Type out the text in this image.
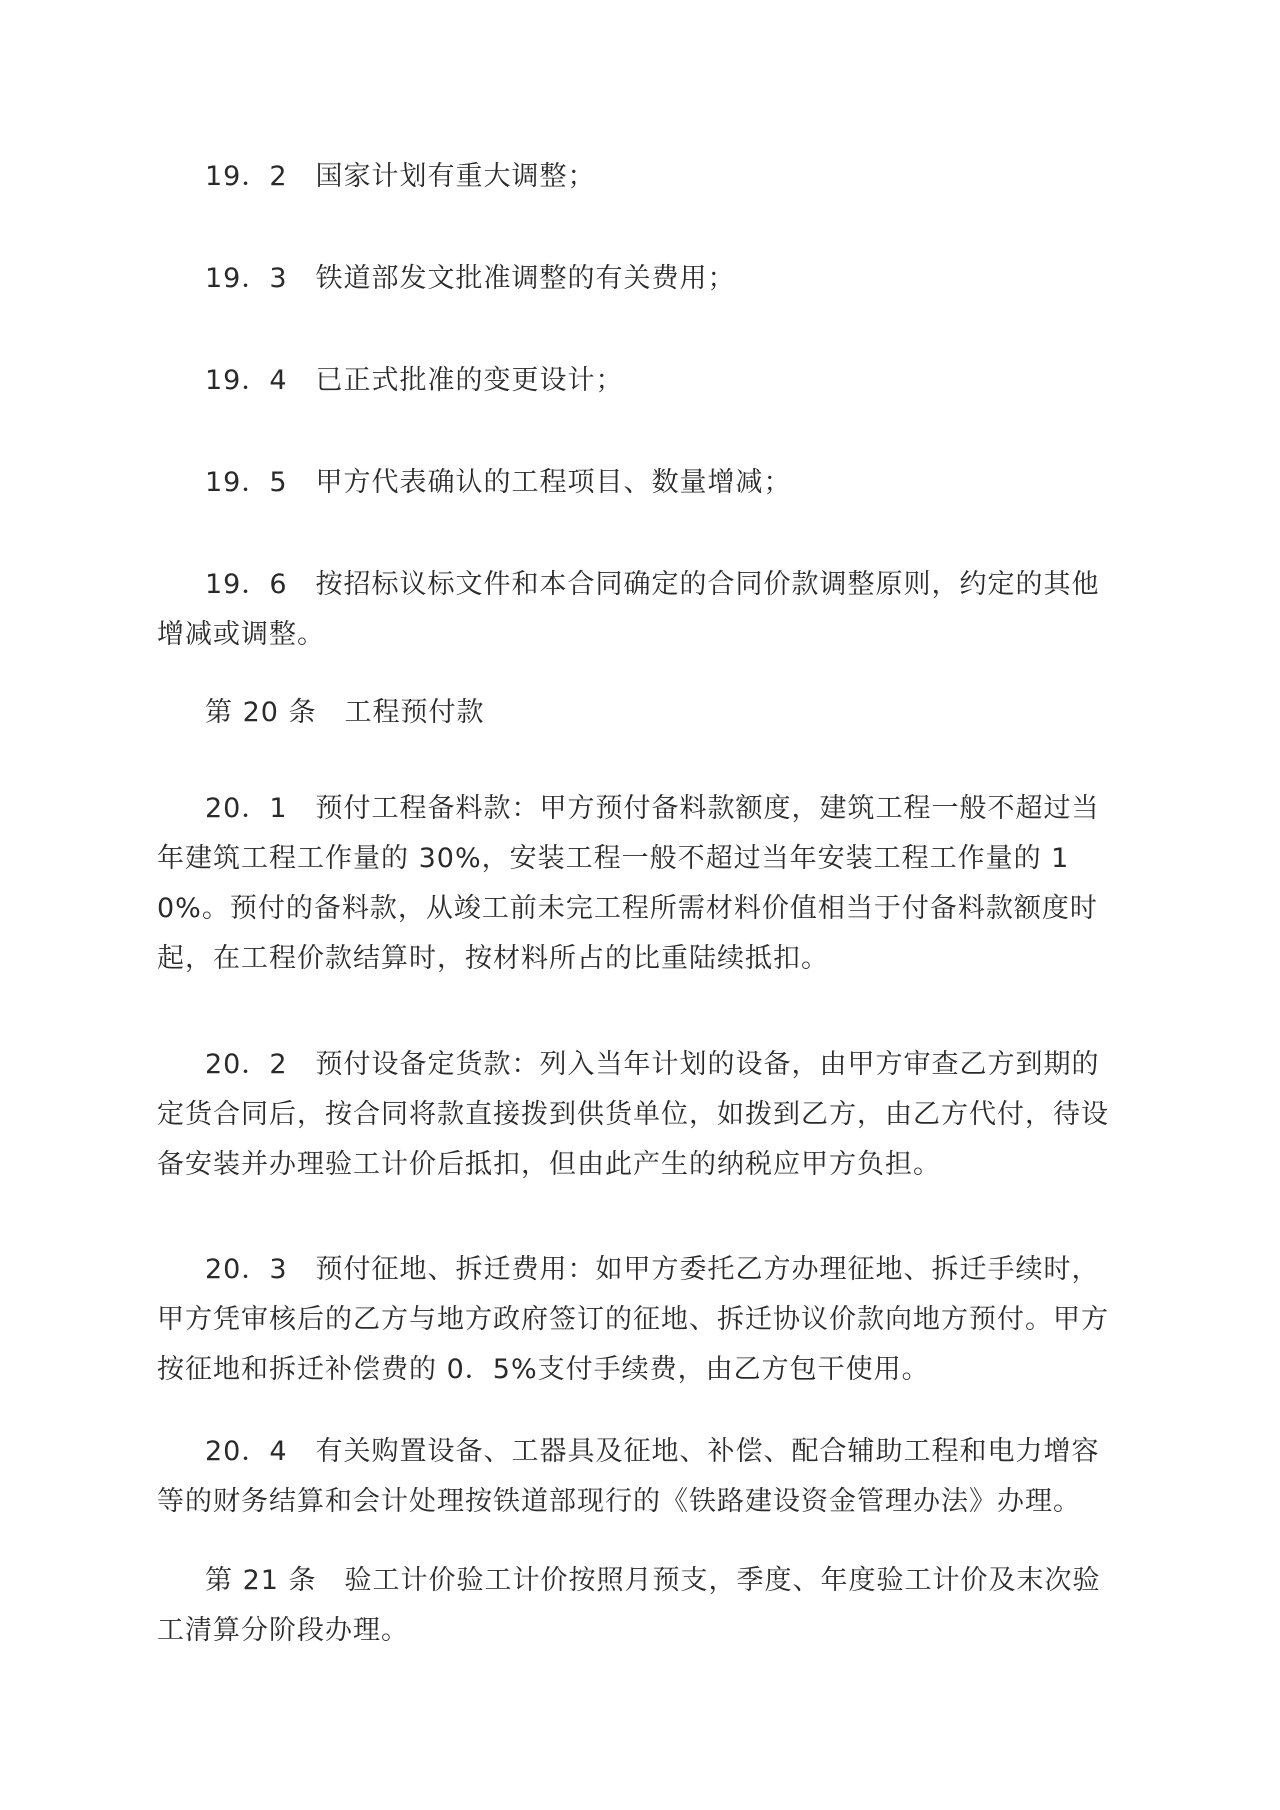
19．2　国家计划有重大调整；

19．3　铁道部发文批准调整的有关费用；

19．4　已正式批准的变更设计；

19．5　甲方代表确认的工程项目、数量增减；

19．6　按招标议标文件和本合同确定的合同价款调整原则，约定的其他增减或调整。

第 20 条　工程预付款

20．1　预付工程备料款：甲方预付备料款额度，建筑工程一般不超过当年建筑工程工作量的 30%，安装工程一般不超过当年安装工程工作量的 10%。预付的备料款，从竣工前未完工程所需材料价值相当于付备料款额度时起，在工程价款结算时，按材料所占的比重陆续抵扣。

20．2　预付设备定货款：列入当年计划的设备，由甲方审查乙方到期的定货合同后，按合同将款直接拨到供货单位，如拨到乙方，由乙方代付，待设备安装并办理验工计价后抵扣，但由此产生的纳税应甲方负担。

20．3　预付征地、拆迁费用：如甲方委托乙方办理征地、拆迁手续时，甲方凭审核后的乙方与地方政府签订的征地、拆迁协议价款向地方预付。甲方按征地和拆迁补偿费的 0．5%支付手续费，由乙方包干使用。

20．4　有关购置设备、工器具及征地、补偿、配合辅助工程和电力增容等的财务结算和会计处理按铁道部现行的《铁路建设资金管理办法》办理。

第 21 条　验工计价验工计价按照月预支，季度、年度验工计价及末次验工清算分阶段办理。
